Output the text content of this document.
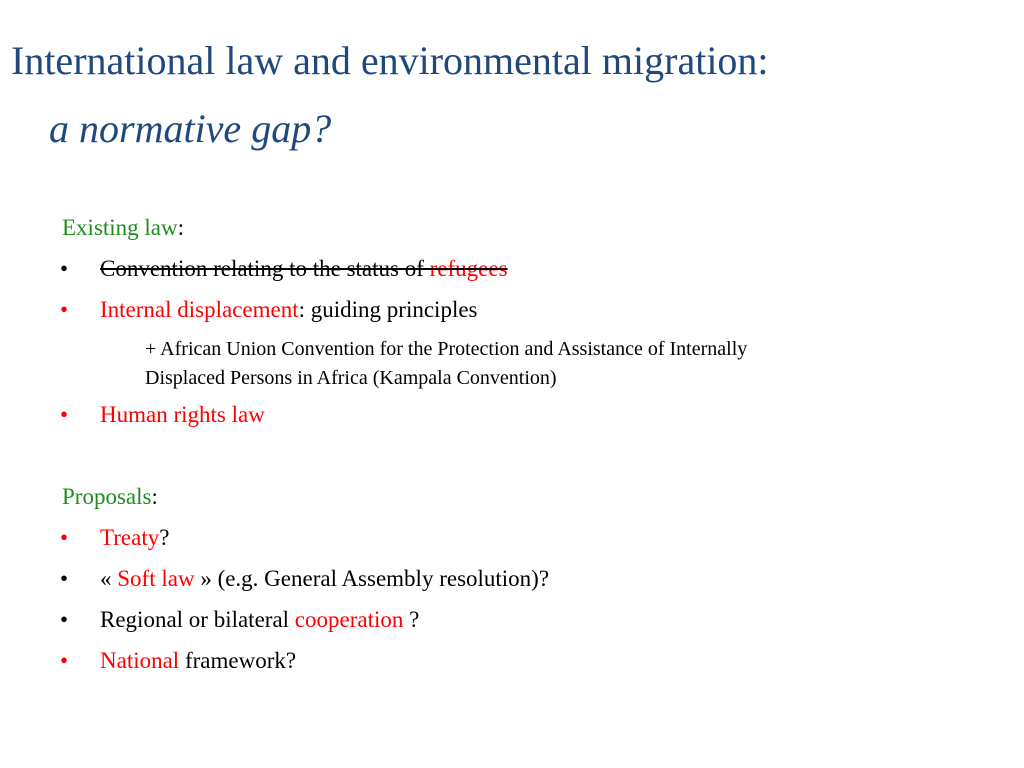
International law and environmental migration:
a normative gap?
Existing law:
• Convention relating to the status of refugees
• Internal displacement: guiding principles
+ African Union Convention for the Protection and Assistance of Internally
Displaced Persons in Africa (Kampala Convention)
• Human rights law
Proposals:
• Treaty?
• « Soft law » (e.g. General Assembly resolution)?
• Regional or bilateral cooperation ?
• National framework?
